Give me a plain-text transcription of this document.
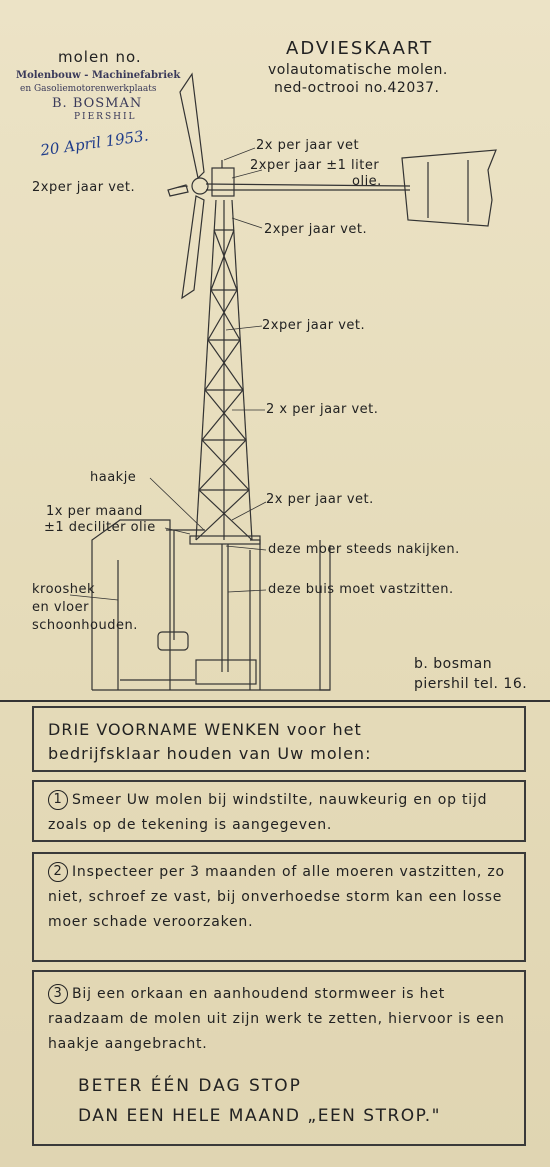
molen no.
Molenbouw - Machinefabriek
en Gasoliemotorenwerkplaats
B. BOSMAN
PIERSHIL
20 April 1953.
ADVIESKAART
volautomatische molen.
ned-octrooi no.42037.
2x per jaar vet
2xper jaar ±1 liter
olie.
2xper jaar vet.
2xper jaar vet.
2xper jaar vet.
2 x per jaar vet.
haakje
2x per jaar vet.
1x per maand
±1 deciliter olie
deze moer steeds nakijken.
deze buis moet vastzitten.
krooshek
en vloer
schoonhouden.
b. bosman
piershil tel. 16.
DRIE VOORNAME WENKEN voor het
bedrijfsklaar houden van Uw molen:
1 Smeer Uw molen bij windstilte, nauwkeurig en op tijd zoals op de tekening is aangegeven.
2 Inspecteer per 3 maanden of alle moeren vastzitten, zo niet, schroef ze vast, bij onverhoedse storm kan een losse moer schade veroorzaken.
3 Bij een orkaan en aanhoudend stormweer is het raadzaam de molen uit zijn werk te zetten, hiervoor is een haakje aangebracht.
BETER ÉÉN DAG STOP
DAN EEN HELE MAAND „EEN STROP."
